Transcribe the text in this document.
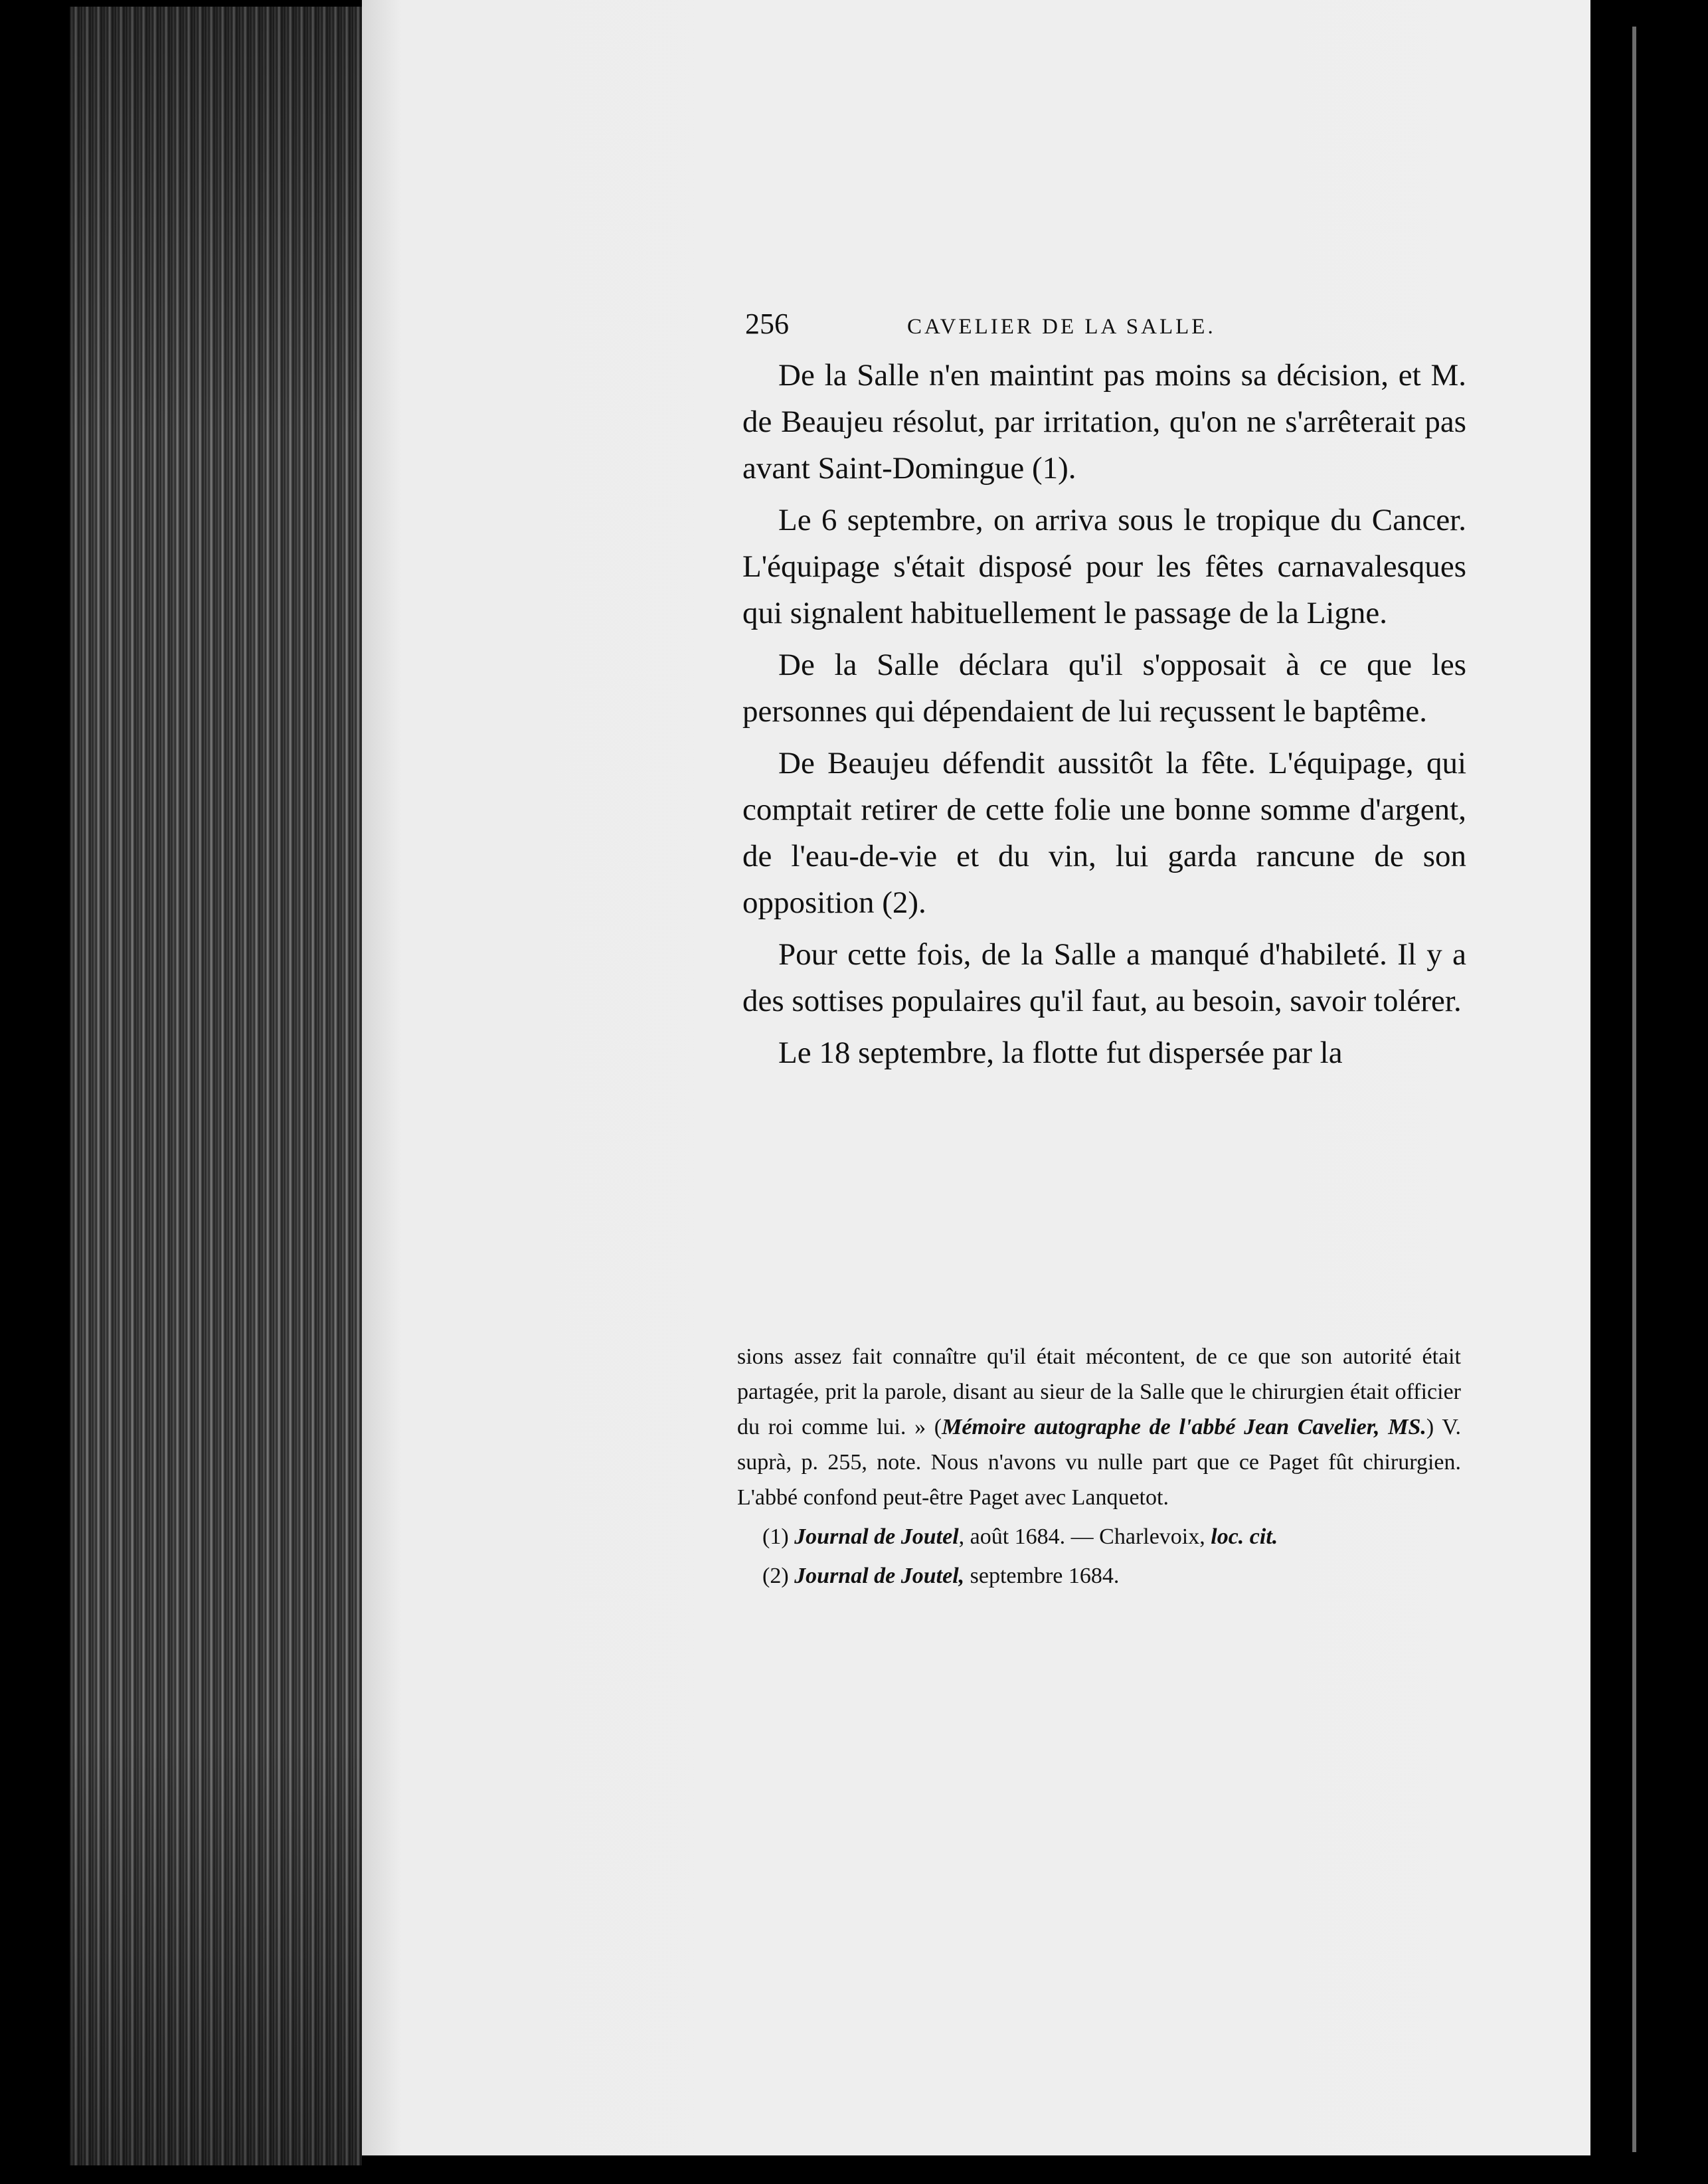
256	CAVELIER DE LA SALLE.

De la Salle n'en maintint pas moins sa décision, et M. de Beaujeu résolut, par irritation, qu'on ne s'arrêterait pas avant Saint-Domingue (1).

Le 6 septembre, on arriva sous le tropique du Cancer. L'équipage s'était disposé pour les fêtes carnavalesques qui signalent habituellement le passage de la Ligne.

De la Salle déclara qu'il s'opposait à ce que les personnes qui dépendaient de lui reçussent le baptême.

De Beaujeu défendit aussitôt la fête. L'équipage, qui comptait retirer de cette folie une bonne somme d'argent, de l'eau-de-vie et du vin, lui garda rancune de son opposition (2).

Pour cette fois, de la Salle a manqué d'habileté. Il y a des sottises populaires qu'il faut, au besoin, savoir tolérer.

Le 18 septembre, la flotte fut dispersée par la

sions assez fait connaître qu'il était mécontent, de ce que son autorité était partagée, prit la parole, disant au sieur de la Salle que le chirurgien était officier du roi comme lui. » (Mémoire autographe de l'abbé Jean Cavelier, MS.) V. suprà, p. 255, note. Nous n'avons vu nulle part que ce Paget fût chirurgien. L'abbé confond peut-être Paget avec Lanquetot.

(1) Journal de Joutel, août 1684. — Charlevoix, loc. cit.

(2) Journal de Joutel, septembre 1684.
